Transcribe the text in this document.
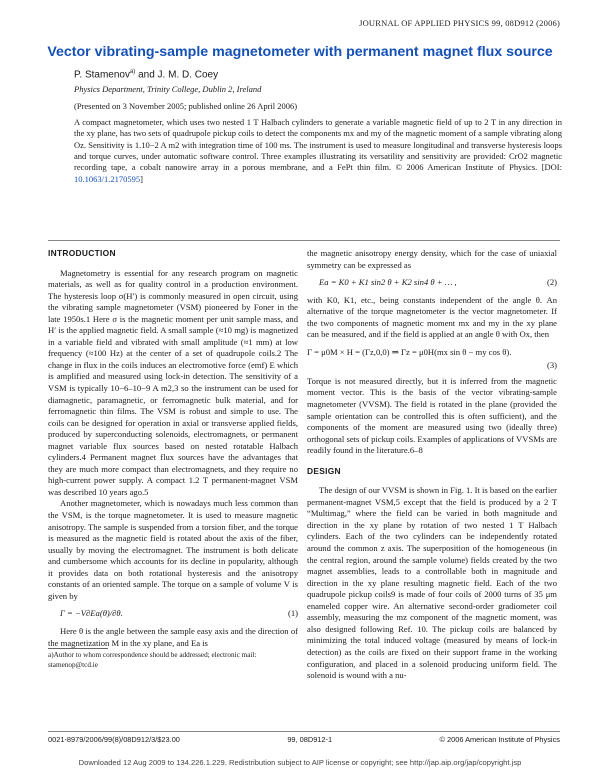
JOURNAL OF APPLIED PHYSICS 99, 08D912 (2006)
Vector vibrating-sample magnetometer with permanent magnet flux source
P. Stamenov$^{a)}$ and J. M. D. Coey
Physics Department, Trinity College, Dublin 2, Ireland
(Presented on 3 November 2005; published online 26 April 2006)
A compact magnetometer, which uses two nested 1 T Halbach cylinders to generate a variable magnetic field of up to 2 T in any direction in the xy plane, has two sets of quadrupole pickup coils to detect the components mx and my of the magnetic moment of a sample vibrating along Oz. Sensitivity is 1.10−2 A m2 with integration time of 100 ms. The instrument is used to measure longitudinal and transverse hysteresis loops and torque curves, under automatic software control. Three examples illustrating its versatility and sensitivity are provided: CrO2 magnetic recording tape, a cobalt nanowire array in a porous membrane, and a FePt thin film. © 2006 American Institute of Physics. [DOI: 10.1063/1.2170595]
INTRODUCTION

Magnetometry is essential for any research program on magnetic materials, as well as for quality control in a production environment. The hysteresis loop σ(H′) is commonly measured in open circuit, using the vibrating sample magnetometer (VSM) pioneered by Foner in the late 1950s.1 Here σ is the magnetic moment per unit sample mass, and H′ is the applied magnetic field. A small sample (≈10 mg) is magnetized in a variable field and vibrated with small amplitude (≈1 mm) at low frequency (≈100 Hz) at the center of a set of quadrupole coils.2 The change in flux in the coils induces an electromotive force (emf) E which is amplified and measured using lock-in detection. The sensitivity of a VSM is typically 10−6–10−9 A m2,3 so the instrument can be used for diamagnetic, paramagnetic, or ferromagnetic bulk material, and for ferromagnetic thin films. The VSM is robust and simple to use. The coils can be designed for operation in axial or transverse applied fields, produced by superconducting solenoids, electromagnets, or permanent magnet variable flux sources based on nested rotatable Halbach cylinders.4 Permanent magnet flux sources have the advantages that they are much more compact than electromagnets, and they require no high-current power supply. A compact 1.2 T permanent-magnet VSM was described 10 years ago.5

Another magnetometer, which is nowadays much less common than the VSM, is the torque magnetometer. It is used to measure magnetic anisotropy. The sample is suspended from a torsion fiber, and the torque is measured as the magnetic field is rotated about the axis of the fiber, usually by moving the electromagnet. The instrument is both delicate and cumbersome which accounts for its decline in popularity, although it provides data on both rotational hysteresis and the anisotropy constants of an oriented sample. The torque on a sample of volume V is given by

Γ = −V∂Ea(θ)/∂θ.	(1)

Here θ is the angle between the sample easy axis and the direction of the magnetization M in the xy plane, and Ea is

the magnetic anisotropy energy density, which for the case of uniaxial symmetry can be expressed as

Ea = K0 + K1 sin2 θ + K2 sin4 θ + … ,	(2)

with K0, K1, etc., being constants independent of the angle θ. An alternative of the torque magnetometer is the vector magnetometer. If the two components of magnetic moment mx and my in the xy plane can be measured, and if the field is applied at an angle θ with Ox, then

Γ = μ0M × H = (Γz,0,0) ⇒ Γz = μ0H(mx sin θ − my cos θ).
(3)

Torque is not measured directly, but it is inferred from the magnetic moment vector. This is the basis of the vector vibrating-sample magnetometer (VVSM). The field is rotated in the plane (provided the sample orientation can be controlled this is often sufficient), and the components of the moment are measured using two (ideally three) orthogonal sets of pickup coils. Examples of applications of VVSMs are readily found in the literature.6–8

DESIGN

The design of our VVSM is shown in Fig. 1. It is based on the earlier permanent-magnet VSM,5 except that the field is produced by a 2 T “Multimag,” where the field can be varied in both magnitude and direction in the xy plane by rotation of two nested 1 T Halbach cylinders. Each of the two cylinders can be independently rotated around the common z axis. The superposition of the homogeneous (in the central region, around the sample volume) fields created by the two magnet assemblies, leads to a controllable both in magnitude and direction in the xy plane resulting magnetic field. Each of the two quadrupole pickup coils9 is made of four coils of 2000 turns of 35 μm enameled copper wire. An alternative second-order gradiometer coil assembly, measuring the mz component of the magnetic moment, was also designed following Ref. 10. The pickup coils are balanced by minimizing the total induced voltage (measured by means of lock-in detection) as the coils are fixed on their support frame in the working configuration, and placed in a solenoid producing uniform field. The solenoid is wound with a nu-

a)Author to whom correspondence should be addressed; electronic mail: stamenop@tcd.ie
0021-8979/2006/99(8)/08D912/3/$23.00	99, 08D912-1	© 2006 American Institute of Physics
Downloaded 12 Aug 2009 to 134.226.1.229. Redistribution subject to AIP license or copyright; see http://jap.aip.org/jap/copyright.jsp
